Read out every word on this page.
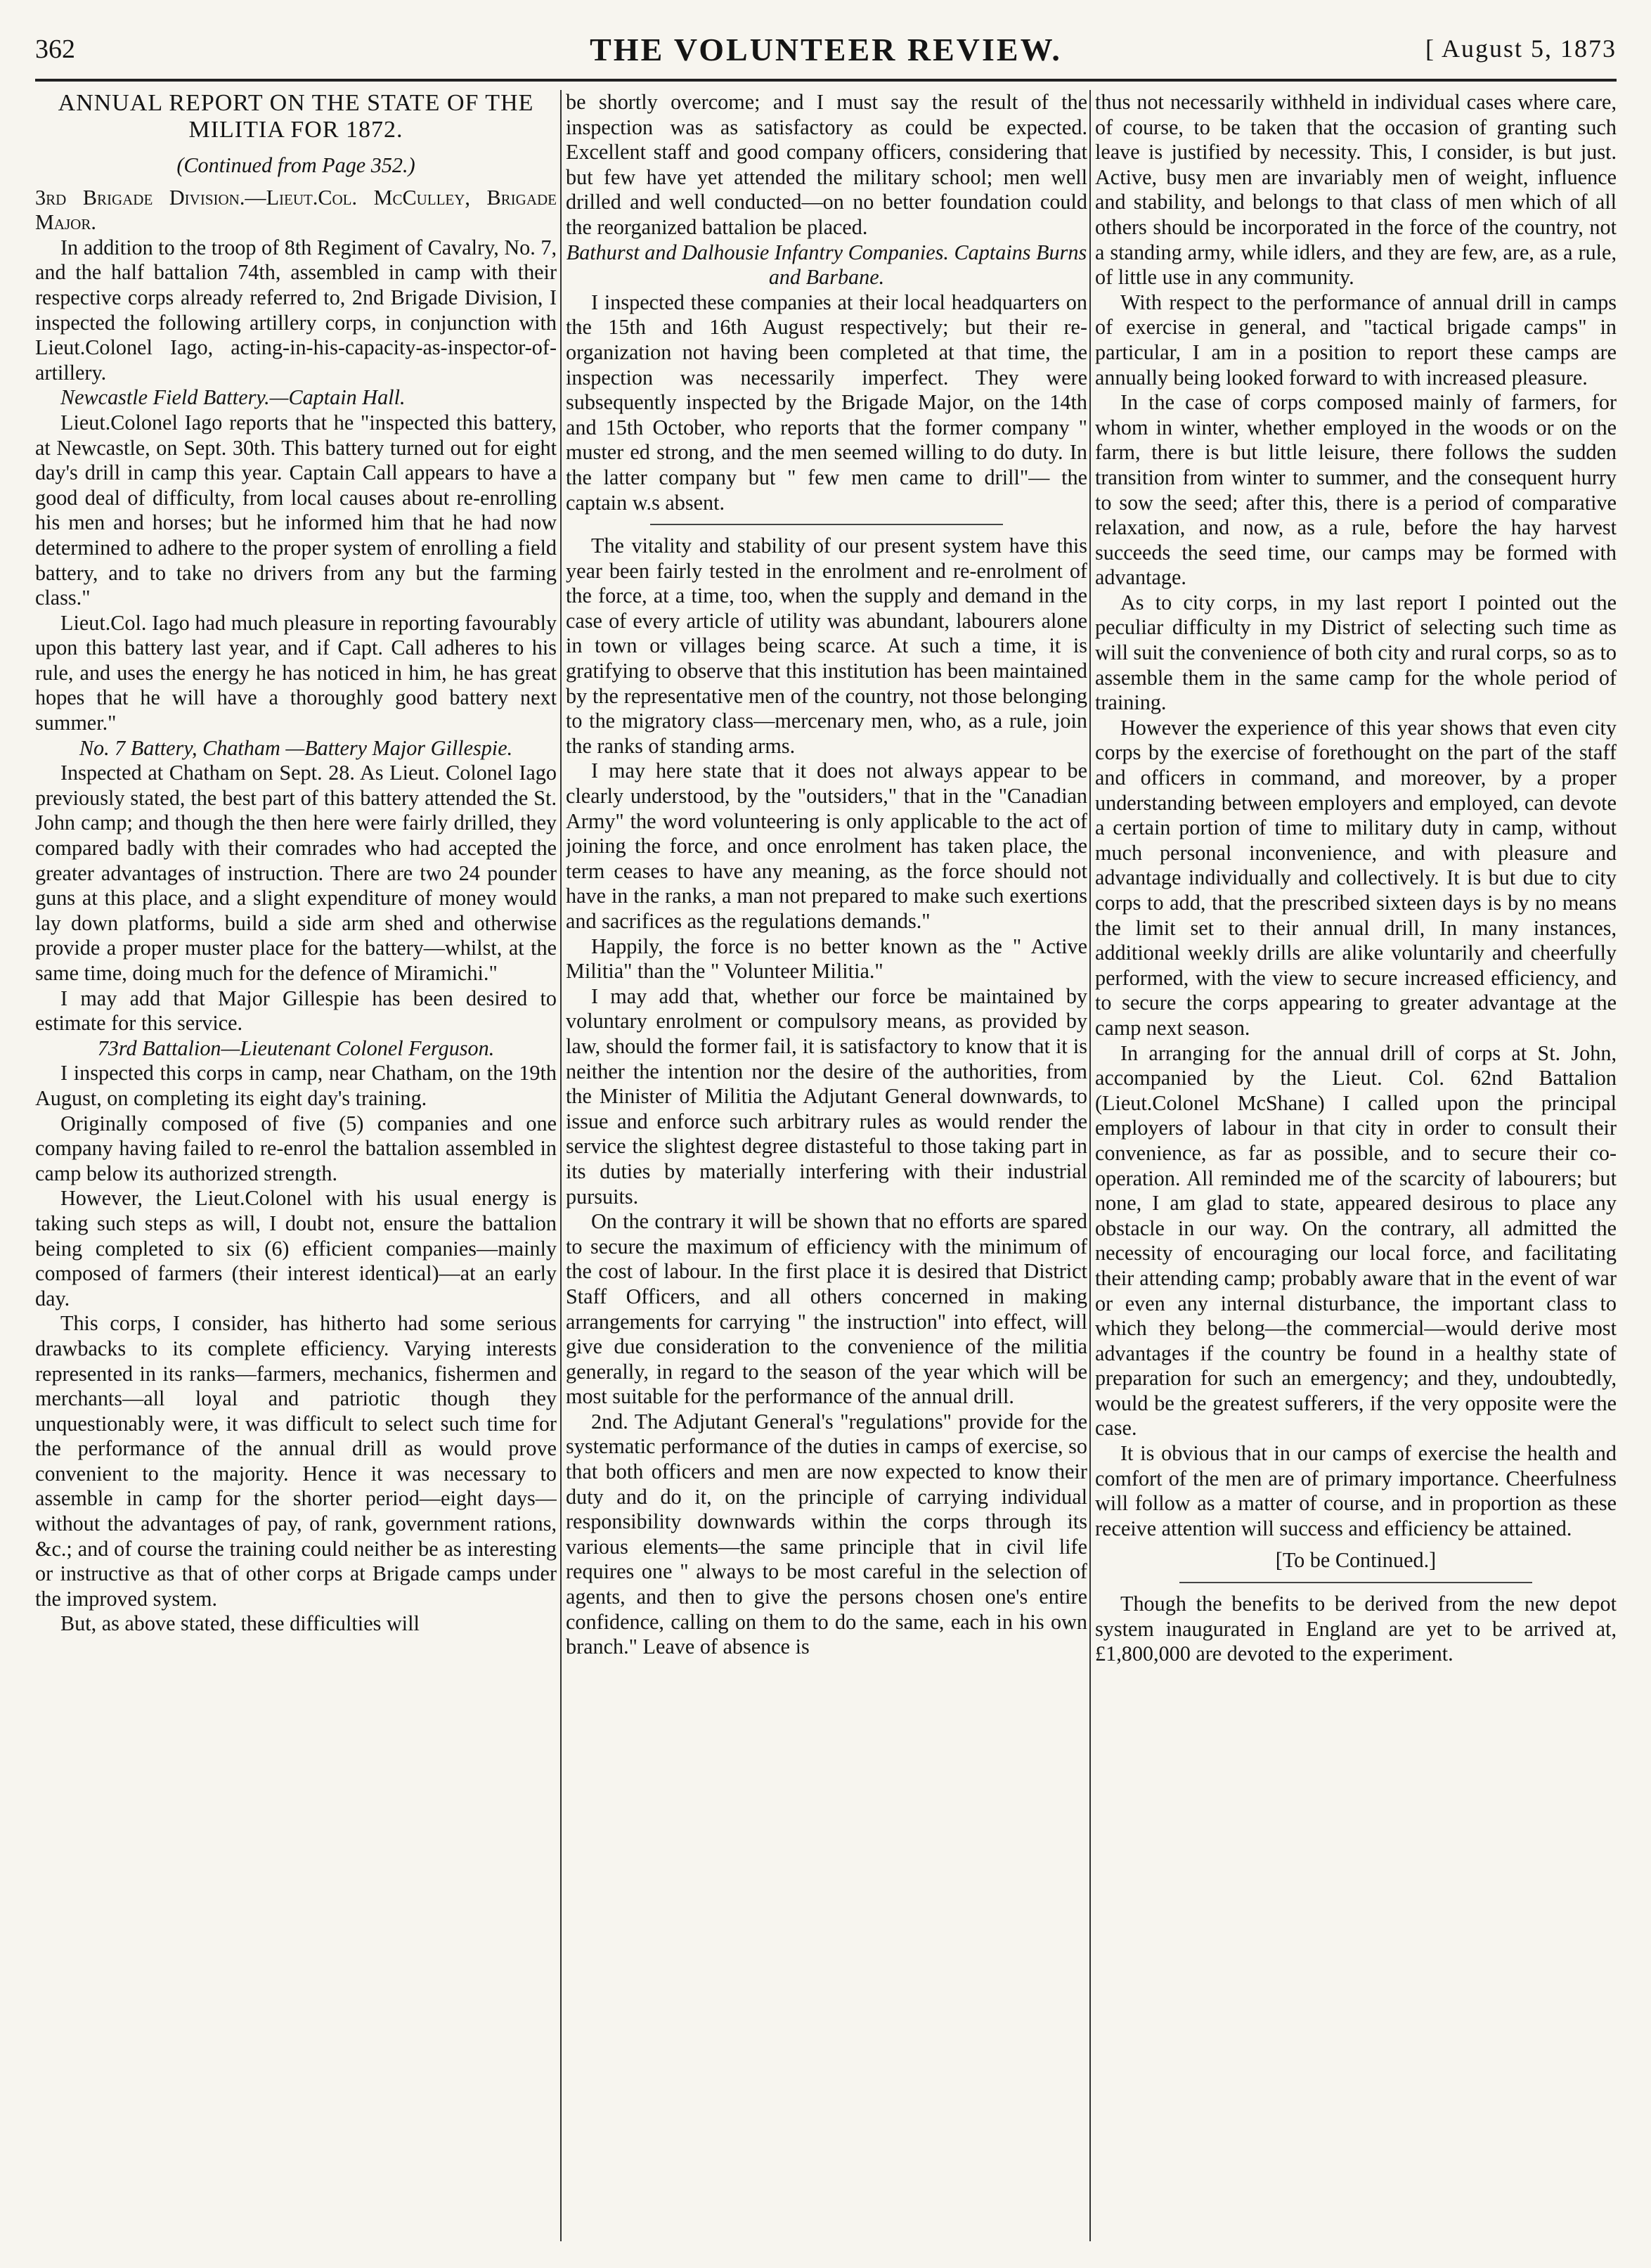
362	THE VOLUNTEER REVIEW.	[ August 5, 1873

ANNUAL REPORT ON THE STATE OF THE MILITIA FOR 1872.

(Continued from Page 352.)

3rd Brigade Division.—Lieut.Col. McCulley, Brigade Major.

In addition to the troop of 8th Regiment of Cavalry, No. 7, and the half battalion 74th, assembled in camp with their respective corps already referred to, 2nd Brigade Division, I inspected the following artillery corps, in conjunction with Lieut.Colonel Iago, acting-in-his-capacity-as-inspector-of-artillery.

Newcastle Field Battery.—Captain Hall.

Lieut.Colonel Iago reports that he "inspected this battery, at Newcastle, on Sept. 30th. This battery turned out for eight day's drill in camp this year. Captain Call appears to have a good deal of difficulty, from local causes about re-enrolling his men and horses; but he informed him that he had now determined to adhere to the proper system of enrolling a field battery, and to take no drivers from any but the farming class."

Lieut.Col. Iago had much pleasure in reporting favourably upon this battery last year, and if Capt. Call adheres to his rule, and uses the energy he has noticed in him, he has great hopes that he will have a thoroughly good battery next summer."

No. 7 Battery, Chatham —Battery Major Gillespie.

Inspected at Chatham on Sept. 28. As Lieut. Colonel Iago previously stated, the best part of this battery attended the St. John camp; and though the then here were fairly drilled, they compared badly with their comrades who had accepted the greater advantages of instruction. There are two 24 pounder guns at this place, and a slight expenditure of money would lay down platforms, build a side arm shed and otherwise provide a proper muster place for the battery—whilst, at the same time, doing much for the defence of Miramichi."

I may add that Major Gillespie has been desired to estimate for this service.

73rd Battalion—Lieutenant Colonel Ferguson.

I inspected this corps in camp, near Chatham, on the 19th August, on completing its eight day's training.

Originally composed of five (5) companies and one company having failed to re-enrol the battalion assembled in camp below its authorized strength.

However, the Lieut.Colonel with his usual energy is taking such steps as will, I doubt not, ensure the battalion being completed to six (6) efficient companies—mainly composed of farmers (their interest identical)—at an early day.

This corps, I consider, has hitherto had some serious drawbacks to its complete efficiency. Varying interests represented in its ranks—farmers, mechanics, fishermen and merchants—all loyal and patriotic though they unquestionably were, it was difficult to select such time for the performance of the annual drill as would prove convenient to the majority. Hence it was necessary to assemble in camp for the shorter period—eight days—without the advantages of pay, of rank, government rations, &c.; and of course the training could neither be as interesting or instructive as that of other corps at Brigade camps under the improved system.

But, as above stated, these difficulties will

be shortly overcome; and I must say the result of the inspection was as satisfactory as could be expected. Excellent staff and good company officers, considering that but few have yet attended the military school; men well drilled and well conducted—on no better foundation could the reorganized battalion be placed.

Bathurst and Dalhousie Infantry Companies. Captains Burns and Barbane.

I inspected these companies at their local headquarters on the 15th and 16th August respectively; but their re-organization not having been completed at that time, the inspection was necessarily imperfect. They were subsequently inspected by the Brigade Major, on the 14th and 15th October, who reports that the former company " muster ed strong, and the men seemed willing to do duty. In the latter company but " few men came to drill"— the captain w.s absent.

The vitality and stability of our present system have this year been fairly tested in the enrolment and re-enrolment of the force, at a time, too, when the supply and demand in the case of every article of utility was abundant, labourers alone in town or villages being scarce. At such a time, it is gratifying to observe that this institution has been maintained by the representative men of the country, not those belonging to the migratory class—mercenary men, who, as a rule, join the ranks of standing arms.

I may here state that it does not always appear to be clearly understood, by the "outsiders," that in the "Canadian Army" the word volunteering is only applicable to the act of joining the force, and once enrolment has taken place, the term ceases to have any meaning, as the force should not have in the ranks, a man not prepared to make such exertions and sacrifices as the regulations demands."

Happily, the force is no better known as the " Active Militia" than the " Volunteer Militia."

I may add that, whether our force be maintained by voluntary enrolment or compulsory means, as provided by law, should the former fail, it is satisfactory to know that it is neither the intention nor the desire of the authorities, from the Minister of Militia the Adjutant General downwards, to issue and enforce such arbitrary rules as would render the service the slightest degree distasteful to those taking part in its duties by materially interfering with their industrial pursuits.

On the contrary it will be shown that no efforts are spared to secure the maximum of efficiency with the minimum of the cost of labour. In the first place it is desired that District Staff Officers, and all others concerned in making arrangements for carrying " the instruction" into effect, will give due consideration to the convenience of the militia generally, in regard to the season of the year which will be most suitable for the performance of the annual drill.

2nd. The Adjutant General's "regulations" provide for the systematic performance of the duties in camps of exercise, so that both officers and men are now expected to know their duty and do it, on the principle of carrying individual responsibility downwards within the corps through its various elements—the same principle that in civil life requires one " always to be most careful in the selection of agents, and then to give the persons chosen one's entire confidence, calling on them to do the same, each in his own branch." Leave of absence is

thus not necessarily withheld in individual cases where care, of course, to be taken that the occasion of granting such leave is justified by necessity. This, I consider, is but just. Active, busy men are invariably men of weight, influence and stability, and belongs to that class of men which of all others should be incorporated in the force of the country, not a standing army, while idlers, and they are few, are, as a rule, of little use in any community.

With respect to the performance of annual drill in camps of exercise in general, and "tactical brigade camps" in particular, I am in a position to report these camps are annually being looked forward to with increased pleasure.

In the case of corps composed mainly of farmers, for whom in winter, whether employed in the woods or on the farm, there is but little leisure, there follows the sudden transition from winter to summer, and the consequent hurry to sow the seed; after this, there is a period of comparative relaxation, and now, as a rule, before the hay harvest succeeds the seed time, our camps may be formed with advantage.

As to city corps, in my last report I pointed out the peculiar difficulty in my District of selecting such time as will suit the convenience of both city and rural corps, so as to assemble them in the same camp for the whole period of training.

However the experience of this year shows that even city corps by the exercise of forethought on the part of the staff and officers in command, and moreover, by a proper understanding between employers and employed, can devote a certain portion of time to military duty in camp, without much personal inconvenience, and with pleasure and advantage individually and collectively. It is but due to city corps to add, that the prescribed sixteen days is by no means the limit set to their annual drill, In many instances, additional weekly drills are alike voluntarily and cheerfully performed, with the view to secure increased efficiency, and to secure the corps appearing to greater advantage at the camp next season.

In arranging for the annual drill of corps at St. John, accompanied by the Lieut. Col. 62nd Battalion (Lieut.Colonel McShane) I called upon the principal employers of labour in that city in order to consult their convenience, as far as possible, and to secure their co-operation. All reminded me of the scarcity of labourers; but none, I am glad to state, appeared desirous to place any obstacle in our way. On the contrary, all admitted the necessity of encouraging our local force, and facilitating their attending camp; probably aware that in the event of war or even any internal disturbance, the important class to which they belong—the commercial—would derive most advantages if the country be found in a healthy state of preparation for such an emergency; and they, undoubtedly, would be the greatest sufferers, if the very opposite were the case.

It is obvious that in our camps of exercise the health and comfort of the men are of primary importance. Cheerfulness will follow as a matter of course, and in proportion as these receive attention will success and efficiency be attained.

[To be Continued.]

Though the benefits to be derived from the new depot system inaugurated in England are yet to be arrived at, £1,800,000 are devoted to the experiment.
